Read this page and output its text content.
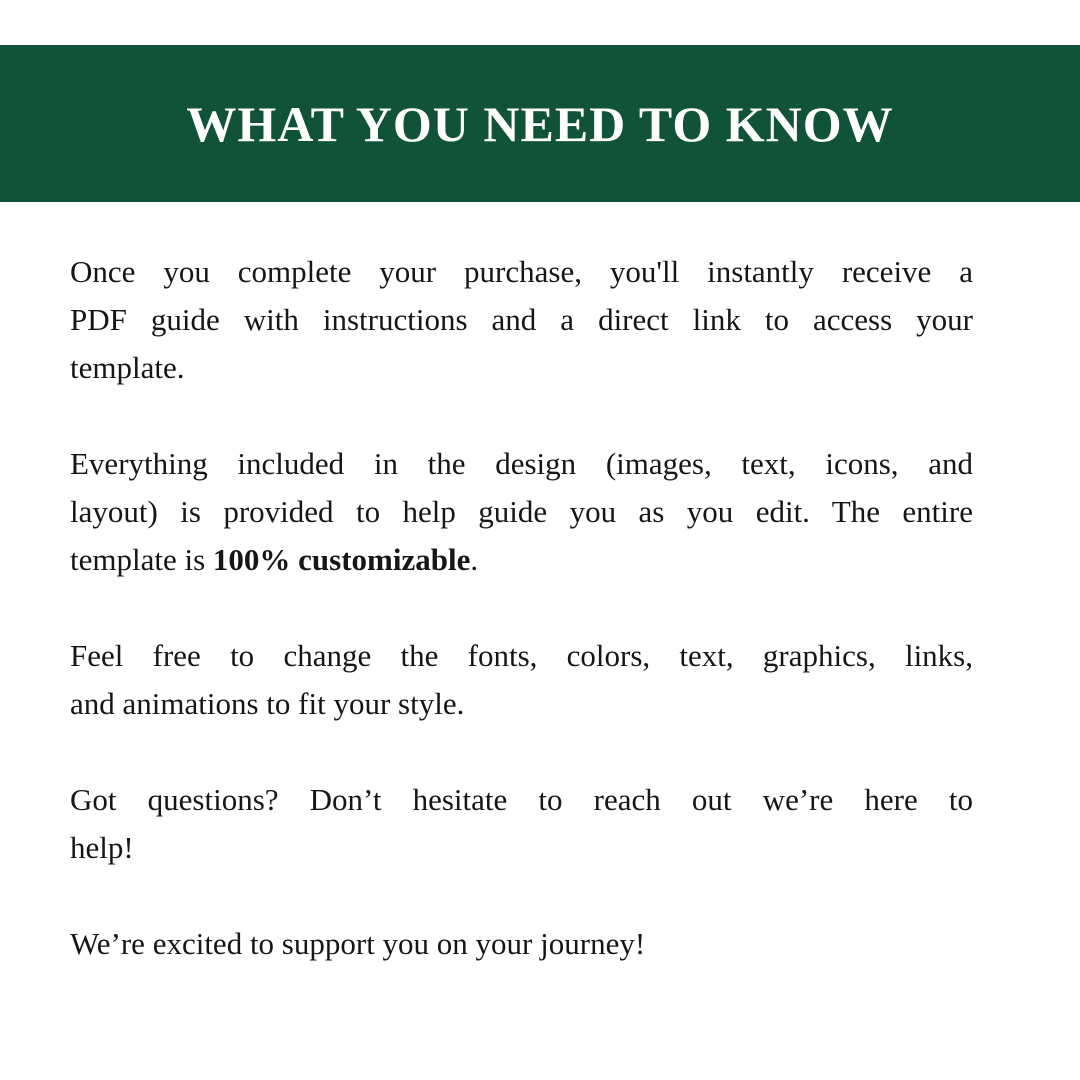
WHAT YOU NEED TO KNOW
Once you complete your purchase, you'll instantly receive a
PDF guide with instructions and a direct link to access your
template.
Everything included in the design (images, text, icons, and
layout) is provided to help guide you as you edit. The entire
template is 100% customizable.
Feel free to change the fonts, colors, text, graphics, links,
and animations to fit your style.
Got questions? Don’t hesitate to reach out we’re here to
help!
We’re excited to support you on your journey!
